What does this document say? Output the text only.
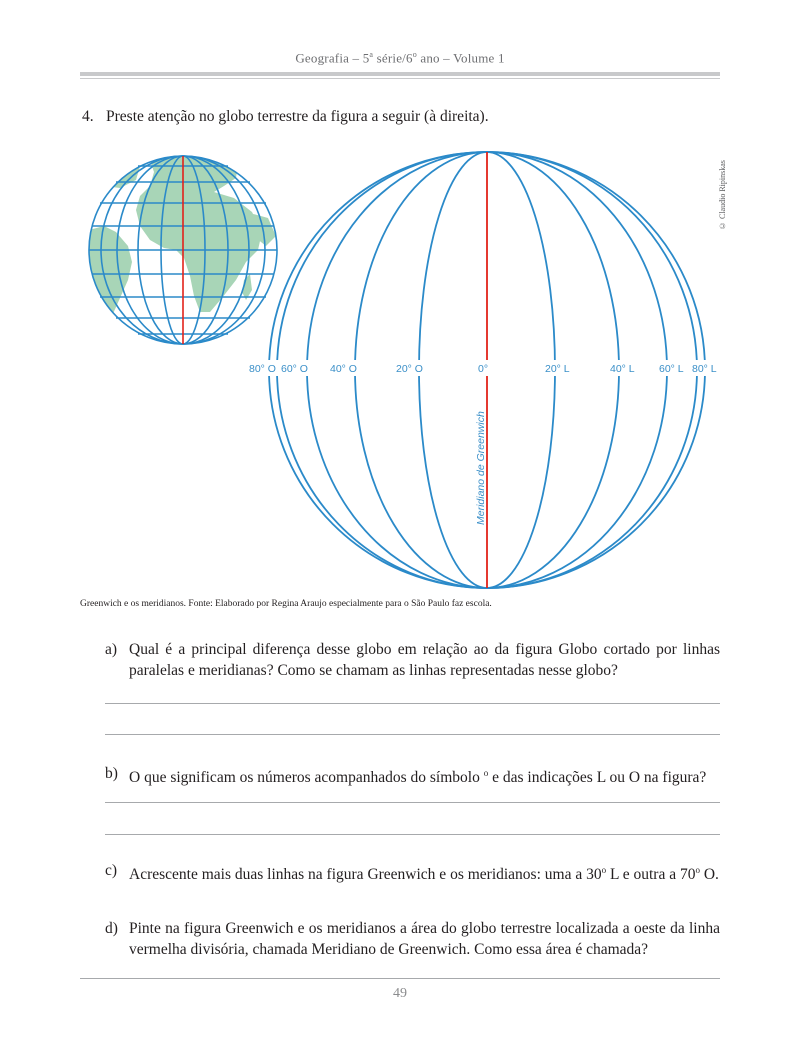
Geografia – 5$^a$ série/6$^o$ ano – Volume 1
4. Preste atenção no globo terrestre da figura a seguir (à direita).
© Claudio Ripinskas
80° O 60° O 40° O	20° O	0°	20° L	40° L 60° L 80° L
Meridiano de Greenwich
Greenwich e os meridianos. Fonte: Elaborado por Regina Araujo especialmente para o São Paulo faz escola.
a) Qual é a principal diferença desse globo em relação ao da figura Globo cortado por linhas paralelas e meridianas? Como se chamam as linhas representadas nesse globo?
b) O que significam os números acompanhados do símbolo $^o$ e das indicações L ou O na figura?
c) Acrescente mais duas linhas na figura Greenwich e os meridianos: uma a 30$^o$ L e outra a 70$^o$ O.
d) Pinte na figura Greenwich e os meridianos a área do globo terrestre localizada a oeste da linha vermelha divisória, chamada Meridiano de Greenwich. Como essa área é chamada?
49
